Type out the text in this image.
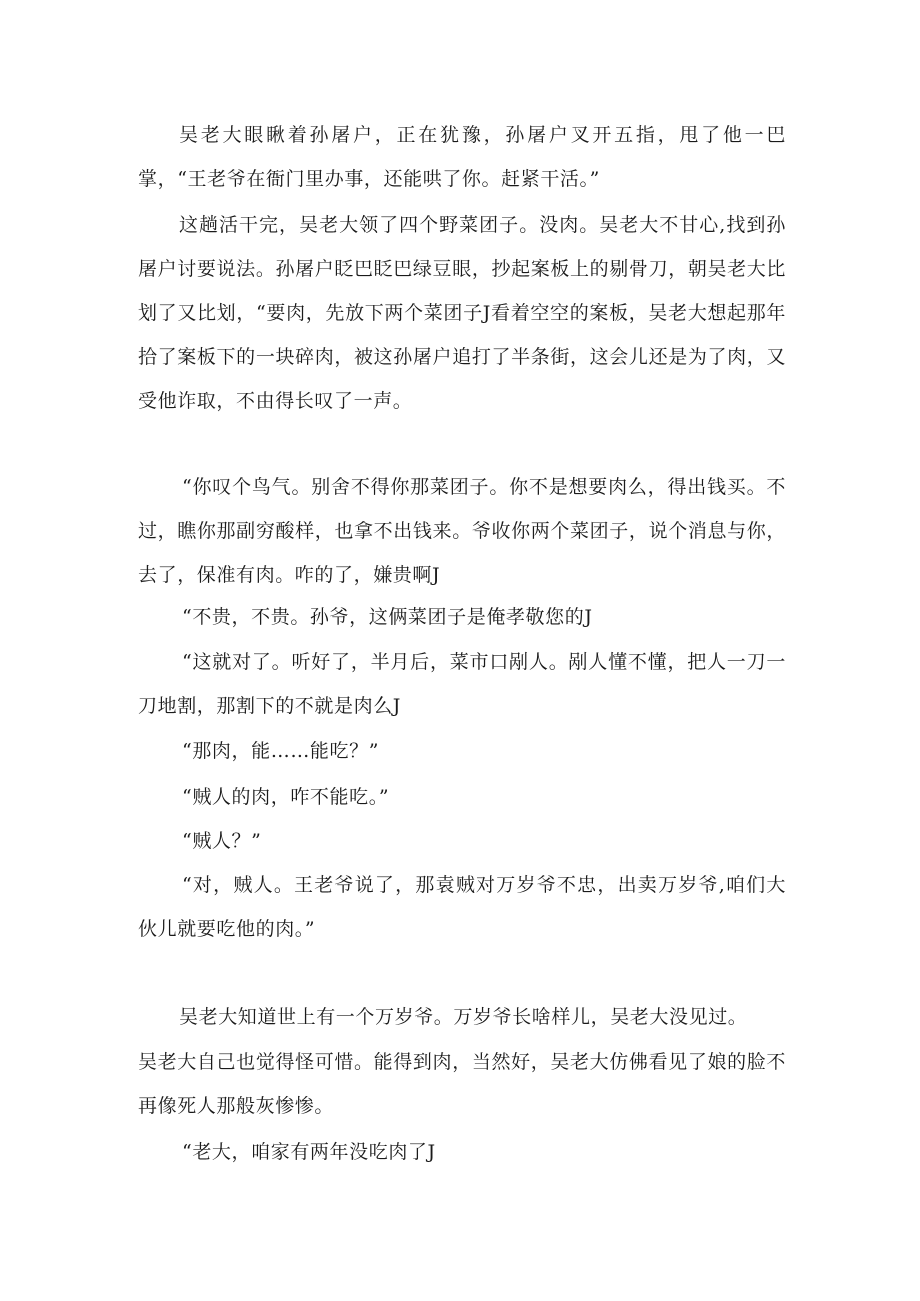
吴老大眼瞅着孙屠户，正在犹豫，孙屠户叉开五指，甩了他一巴掌，“王老爷在衙门里办事，还能哄了你。赶紧干活。”

这趟活干完，吴老大领了四个野菜团子。没肉。吴老大不甘心,找到孙屠户讨要说法。孙屠户眨巴眨巴绿豆眼，抄起案板上的剔骨刀，朝吴老大比划了又比划，“要肉，先放下两个菜团子J看着空空的案板，吴老大想起那年拾了案板下的一块碎肉，被这孙屠户追打了半条街，这会儿还是为了肉，又受他诈取，不由得长叹了一声。

“你叹个鸟气。别舍不得你那菜团子。你不是想要肉么，得出钱买。不过，瞧你那副穷酸样，也拿不出钱来。爷收你两个菜团子，说个消息与你，去了，保准有肉。咋的了，嫌贵啊J

“不贵，不贵。孙爷，这俩菜团子是俺孝敬您的J

“这就对了。听好了，半月后，菜市口剐人。剐人懂不懂，把人一刀一刀地割，那割下的不就是肉么J

“那肉，能……能吃？”

“贼人的肉，咋不能吃。”

“贼人？”

“对，贼人。王老爷说了，那袁贼对万岁爷不忠，出卖万岁爷,咱们大伙儿就要吃他的肉。”

吴老大知道世上有一个万岁爷。万岁爷长啥样儿，吴老大没见过。

吴老大自己也觉得怪可惜。能得到肉，当然好，吴老大仿佛看见了娘的脸不再像死人那般灰惨惨。

“老大，咱家有两年没吃肉了J
